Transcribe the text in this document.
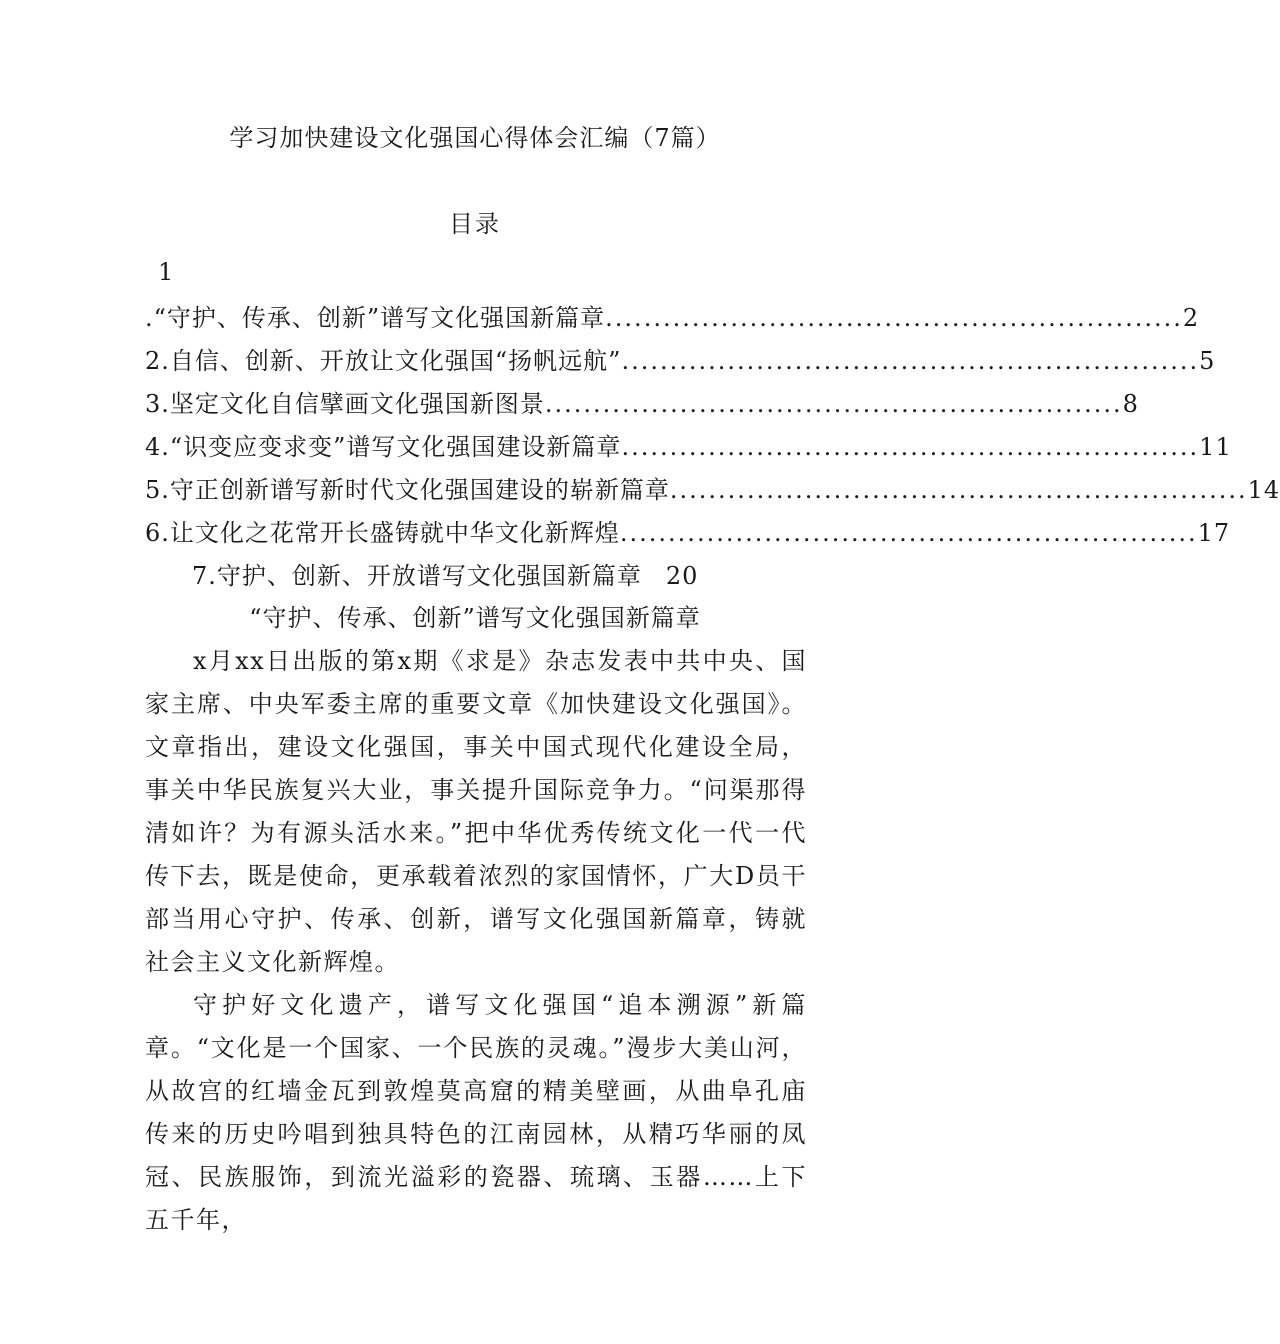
学习加快建设文化强国心得体会汇编（7篇）
目录
1
.“守护、传承、创新”谱写文化强国新篇章 ............................................................ 2
2.自信、创新、开放让文化强国“扬帆远航” ............................................................ 5
3.坚定文化自信擘画文化强国新图景 ............................................................ 8
4.“识变应变求变”谱写文化强国建设新篇章 ............................................................ 11
5.守正创新谱写新时代文化强国建设的崭新篇章 ............................................................ 14
6.让文化之花常开长盛铸就中华文化新辉煌 ............................................................ 17
7.守护、创新、开放谱写文化强国新篇章 20
“守护、传承、创新”谱写文化强国新篇章

x月xx日出版的第x期《求是》杂志发表中共中央、国家主席、中央军委主席的重要文章《加快建设文化强国》。文章指出，建设文化强国，事关中国式现代化建设全局，事关中华民族复兴大业，事关提升国际竞争力。“问渠那得清如许？为有源头活水来。”把中华优秀传统文化一代一代传下去，既是使命，更承载着浓烈的家国情怀，广大D员干部当用心守护、传承、创新，谱写文化强国新篇章，铸就社会主义文化新辉煌。

守护好文化遗产，谱写文化强国“追本溯源”新篇章。“文化是一个国家、一个民族的灵魂。”漫步大美山河，从故宫的红墙金瓦到敦煌莫高窟的精美壁画，从曲阜孔庙传来的历史吟唱到独具特色的江南园林，从精巧华丽的凤冠、民族服饰，到流光溢彩的瓷器、琉璃、玉器……上下五千年，
